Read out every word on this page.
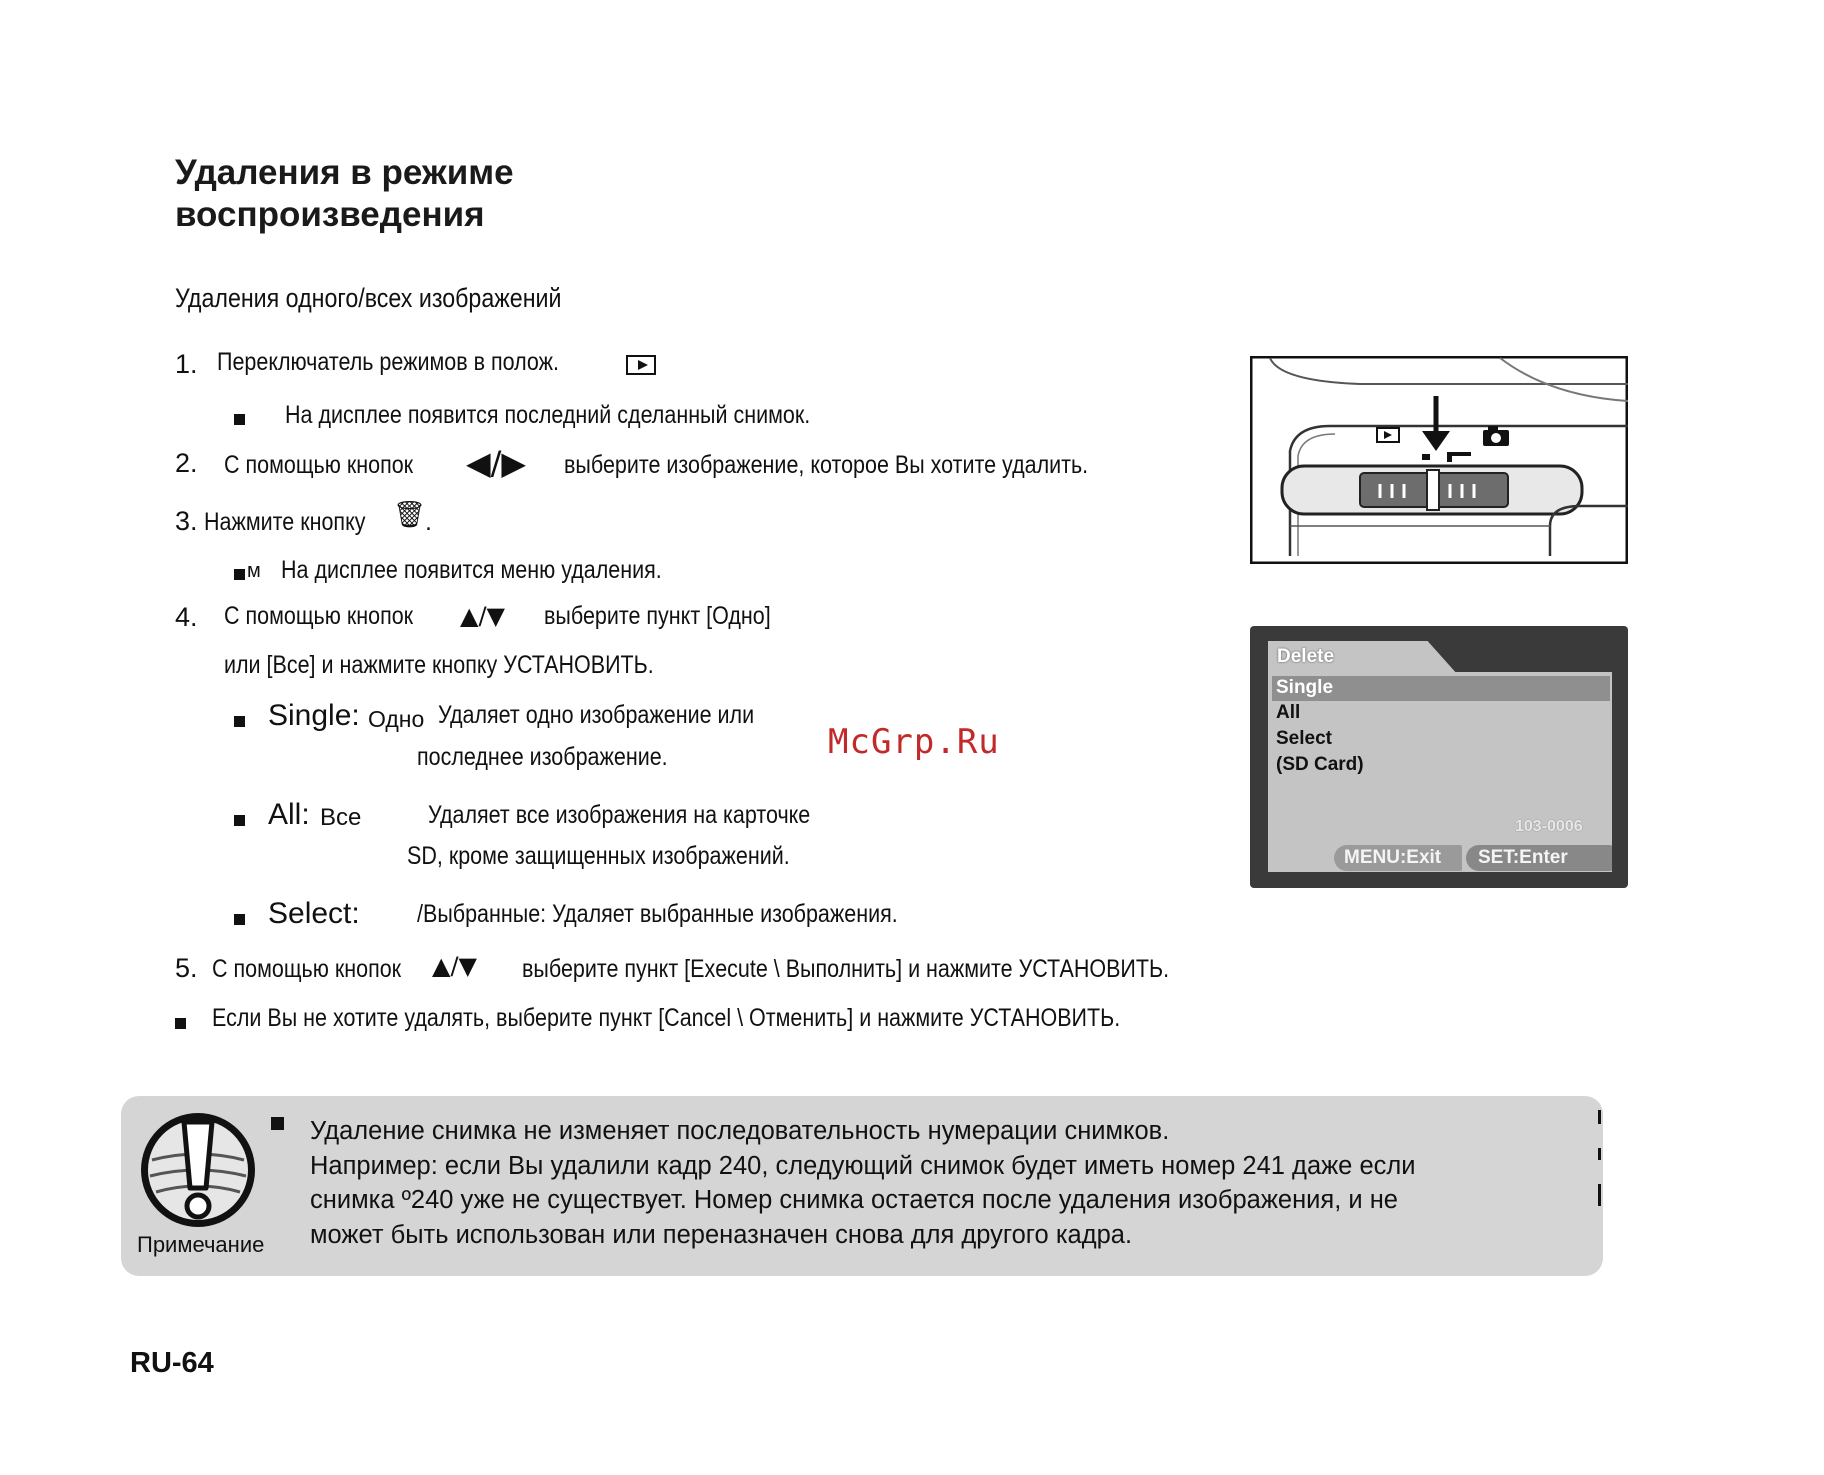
Удаления в режиме
воспроизведения
Удаления одного/всех изображений
1. Переключатель режимов в полож.
На дисплее появится последний сделанный снимок.
2. С помощью кнопок ◀/▶ выберите изображение, которое Вы хотите удалить.
3. Нажмите кнопку 🗑
.
м На дисплее появится меню удаления.
4. С помощью кнопок ▲/▼ выберите пункт [Одно]
или [Все] и нажмите кнопку УСТАНОВИТЬ.
Single: Одно Удаляет одно изображение или
последнее изображение.
All: Все	Удаляет все изображения на карточке
SD, кроме защищенных изображений.
Select: /Выбранные: Удаляет выбранные изображения.
5. С помощью кнопок ▲/▼ выберите пункт [Execute \ Выполнить] и нажмите УСТАНОВИТЬ.
Если Вы не хотите удалять, выберите пункт [Cancel \ Отменить] и нажмите УСТАНОВИТЬ.
McGrp.Ru
Delete
Single
All
Select
(SD Card)
103-0006
MENU:Exit SET:Enter
Удаление снимка не изменяет последовательность нумерации снимков.
Например: если Вы удалили кадр 240, следующий снимок будет иметь номер 241 даже если
снимка º240 уже не существует. Номер снимка остается после удаления изображения, и не
может быть использован или переназначен снова для другого кадра.
Примечание
RU-64
